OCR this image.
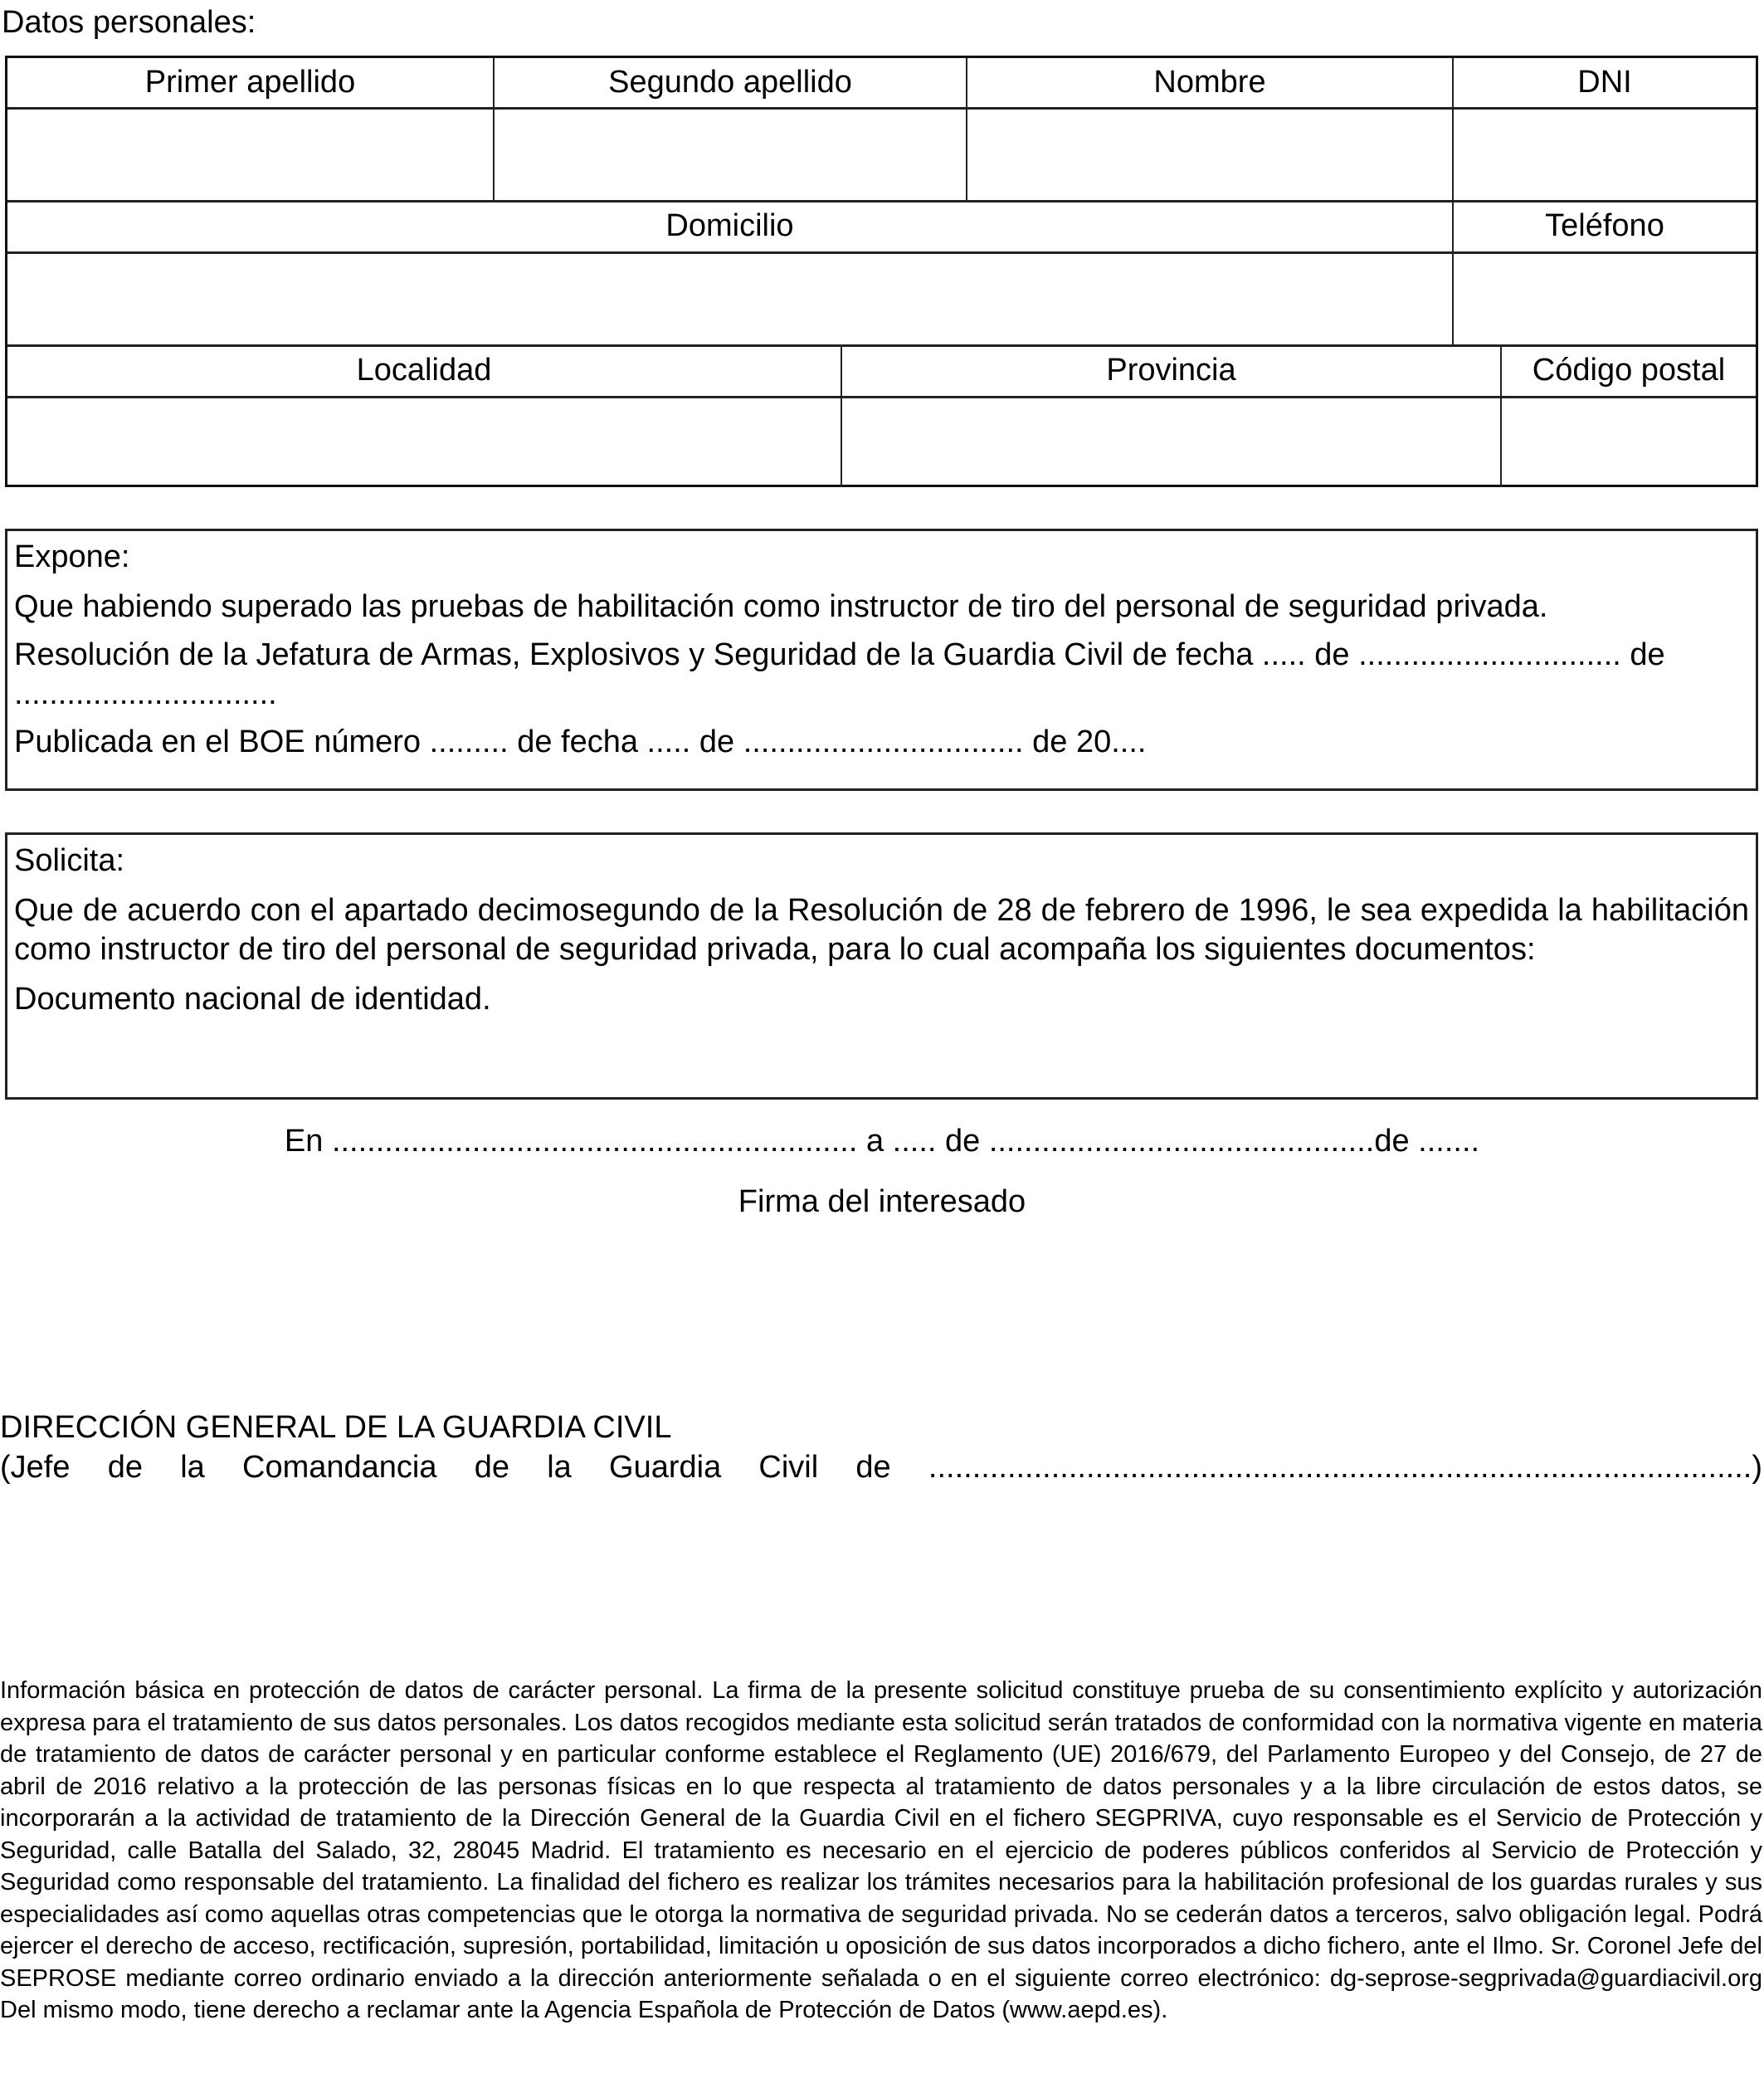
Datos personales:
Primer apellido	Segundo apellido	Nombre	DNI
Domicilio	Teléfono
Localidad	Provincia	Código postal

Expone:

Que habiendo superado las pruebas de habilitación como instructor de tiro del personal de seguridad privada.

Resolución de la Jefatura de Armas, Explosivos y Seguridad de la Guardia Civil de fecha ..... de .............................. de ..............................

Publicada en el BOE número ......... de fecha ..... de ................................ de 20....

Solicita:

Que de acuerdo con el apartado decimosegundo de la Resolución de 28 de febrero de 1996, le sea expedida la habilitación como instructor de tiro del personal de seguridad privada, para lo cual acompaña los siguientes documentos:

Documento nacional de identidad.

En ............................................................ a ..... de ............................................de .......
Firma del interesado
DIRECCIÓN GENERAL DE LA GUARDIA CIVIL
(Jefe de la Comandancia de la Guardia Civil de ..............................................................................................)
Información básica en protección de datos de carácter personal. La firma de la presente solicitud constituye prueba de su consentimiento explícito y autorización expresa para el tratamiento de sus datos personales. Los datos recogidos mediante esta solicitud serán tratados de conformidad con la normativa vigente en materia de tratamiento de datos de carácter personal y en particular conforme establece el Reglamento (UE) 2016/679, del Parlamento Europeo y del Consejo, de 27 de abril de 2016 relativo a la protección de las personas físicas en lo que respecta al tratamiento de datos personales y a la libre circulación de estos datos, se incorporarán a la actividad de tratamiento de la Dirección General de la Guardia Civil en el fichero SEGPRIVA, cuyo responsable es el Servicio de Protección y Seguridad, calle Batalla del Salado, 32, 28045 Madrid. El tratamiento es necesario en el ejercicio de poderes públicos conferidos al Servicio de Protección y Seguridad como responsable del tratamiento. La finalidad del fichero es realizar los trámites necesarios para la habilitación profesional de los guardas rurales y sus especialidades así como aquellas otras competencias que le otorga la normativa de seguridad privada. No se cederán datos a terceros, salvo obligación legal. Podrá ejercer el derecho de acceso, rectificación, supresión, portabilidad, limitación u oposición de sus datos incorporados a dicho fichero, ante el Ilmo. Sr. Coronel Jefe del SEPROSE mediante correo ordinario enviado a la dirección anteriormente señalada o en el siguiente correo electrónico: dg-seprose-segprivada@guardiacivil.org Del mismo modo, tiene derecho a reclamar ante la Agencia Española de Protección de Datos (www.aepd.es).
